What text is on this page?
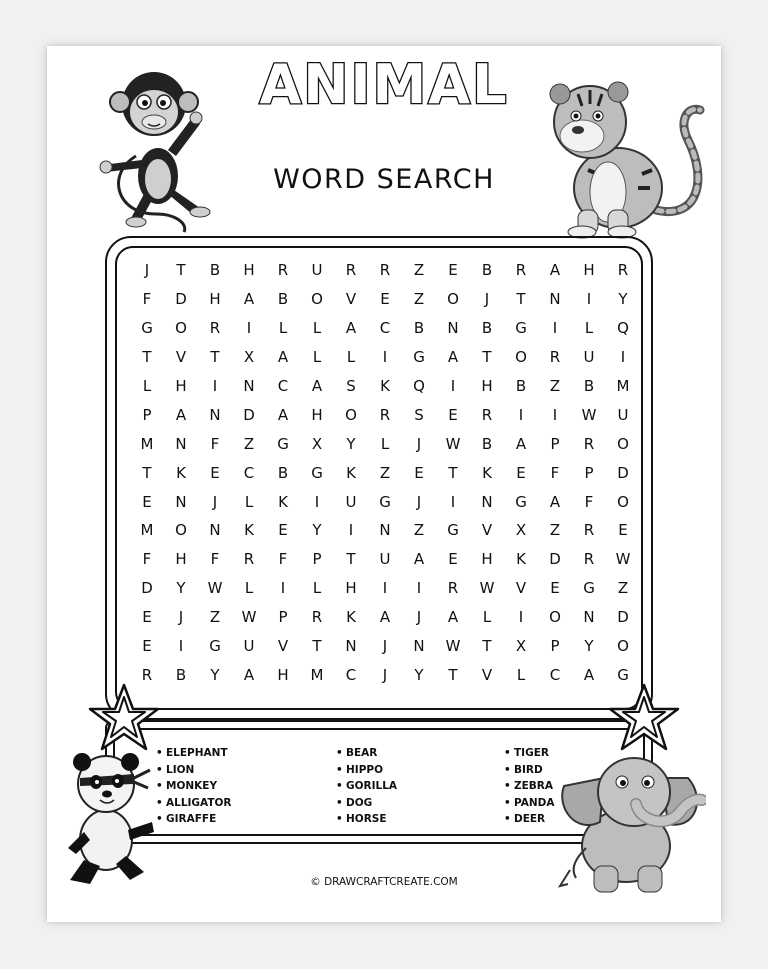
ANIMAL
WORD SEARCH
J	T	B	H	R	U	R	R	Z	E	B	R	A	H	R
F	D	H	A	B	O	V	E	Z	O	J	T	N	I	Y
G	O	R	I	L	L	A	C	B	N	B	G	I	L	Q
T	V	T	X	A	L	L	I	G	A	T	O	R	U	I
L	H	I	N	C	A	S	K	Q	I	H	B	Z	B	M
P	A	N	D	A	H	O	R	S	E	R	I	I	W	U
M	N	F	Z	G	X	Y	L	J	W	B	A	P	R	O
T	K	E	C	B	G	K	Z	E	T	K	E	F	P	D
E	N	J	L	K	I	U	G	J	I	N	G	A	F	O
M	O	N	K	E	Y	I	N	Z	G	V	X	Z	R	E
F	H	F	R	F	P	T	U	A	E	H	K	D	R	W
D	Y	W	L	I	L	H	I	I	R	W	V	E	G	Z
E	J	Z	W	P	R	K	A	J	A	L	I	O	N	D
E	I	G	U	V	T	N	J	N	W	T	X	P	Y	O
R	B	Y	A	H	M	C	J	Y	T	V	L	C	A	G
• ELEPHANT
• LION
• MONKEY
• ALLIGATOR
• GIRAFFE
• BEAR
• HIPPO
• GORILLA
• DOG
• HORSE
• TIGER
• BIRD
• ZEBRA
• PANDA
• DEER
© DRAWCRAFTCREATE.COM
